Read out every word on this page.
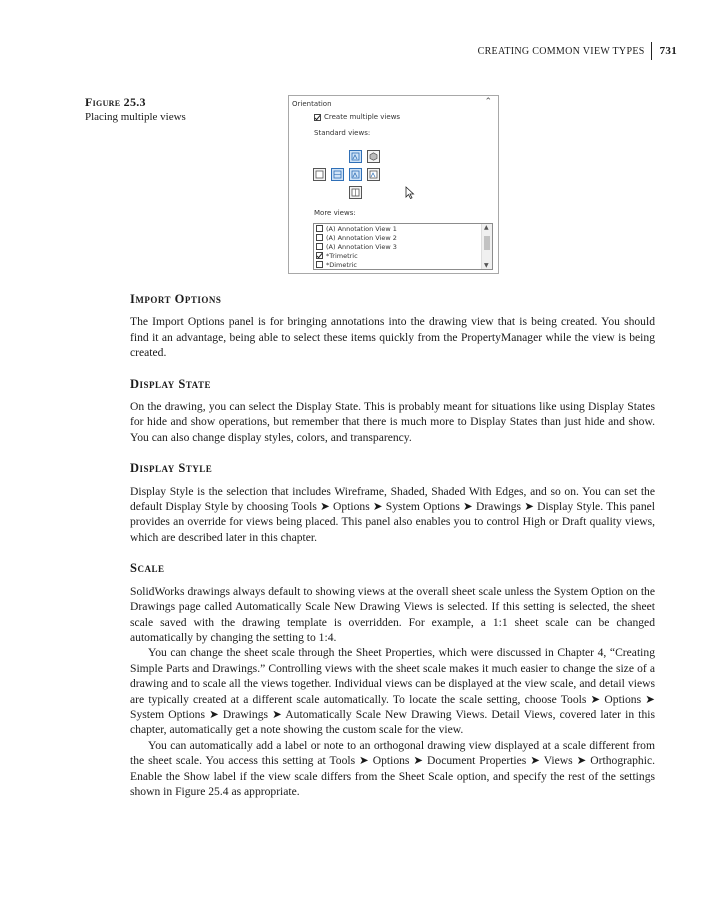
CREATING COMMON VIEW TYPES 731
Figure 25.3
Placing multiple views
Orientation	⌃
Create multiple views
Standard views:
More views:
(A) Annotation View 1
(A) Annotation View 2
(A) Annotation View 3
*Trimetric
*Dimetric
▲
▼
Import Options

The Import Options panel is for bringing annotations into the drawing view that is being created. You should find it an advantage, being able to select these items quickly from the PropertyManager while the view is being created.

Display State

On the drawing, you can select the Display State. This is probably meant for situations like using Display States for hide and show operations, but remember that there is much more to Display States than just hide and show. You can also change display styles, colors, and transparency.

Display Style

Display Style is the selection that includes Wireframe, Shaded, Shaded With Edges, and so on. You can set the default Display Style by choosing Tools ➤ Options ➤ System Options ➤ Drawings ➤ Display Style. This panel provides an override for views being placed. This panel also enables you to control High or Draft quality views, which are described later in this chapter.

Scale

SolidWorks drawings always default to showing views at the overall sheet scale unless the System Option on the Drawings page called Automatically Scale New Drawing Views is selected. If this setting is selected, the sheet scale saved with the drawing template is overridden. For example, a 1:1 sheet scale can be changed automatically by changing the setting to 1:4.

You can change the sheet scale through the Sheet Properties, which were discussed in Chapter 4, “Creating Simple Parts and Drawings.” Controlling views with the sheet scale makes it much easier to change the size of a drawing and to scale all the views together. Individual views can be displayed at the view scale, and detail views are typically created at a different scale automatically. To locate the scale setting, choose Tools ➤ Options ➤ System Options ➤ Drawings ➤ Automatically Scale New Drawing Views. Detail Views, covered later in this chapter, automatically get a note showing the custom scale for the view.

You can automatically add a label or note to an orthogonal drawing view displayed at a scale different from the sheet scale. You access this setting at Tools ➤ Options ➤ Document Properties ➤ Views ➤ Orthographic. Enable the Show label if the view scale differs from the Sheet Scale option, and specify the rest of the settings shown in Figure 25.4 as appropriate.
